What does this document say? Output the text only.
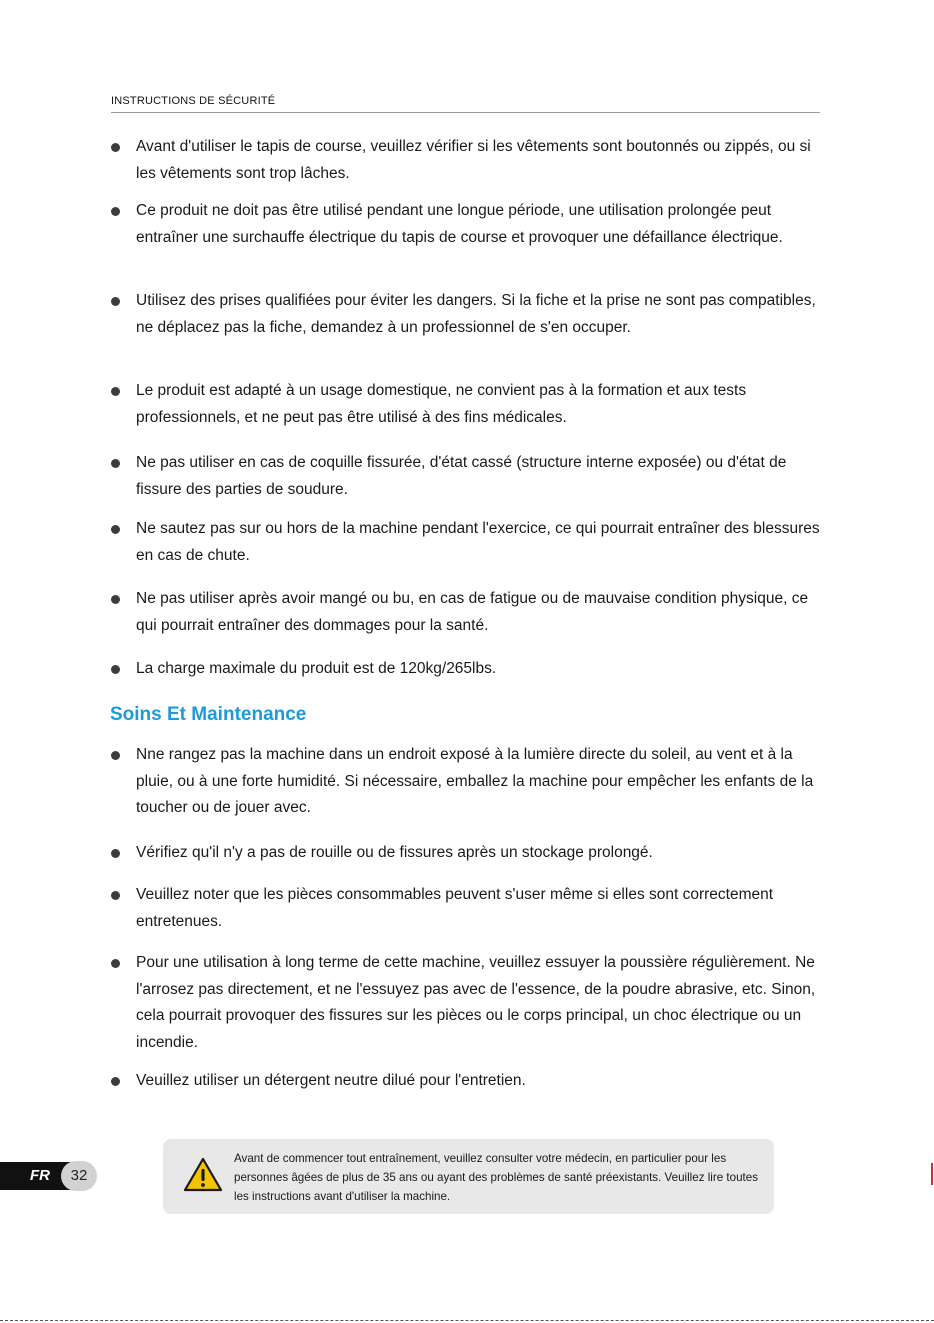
INSTRUCTIONS DE SÉCURITÉ
Avant d'utiliser le tapis de course, veuillez vérifier si les vêtements sont boutonnés ou zippés, ou si les vêtements sont trop lâches.
Ce produit ne doit pas être utilisé pendant une longue période, une utilisation prolongée peut entraîner une surchauffe électrique du tapis de course et provoquer une défaillance électrique.
Utilisez des prises qualifiées pour éviter les dangers. Si la fiche et la prise ne sont pas compatibles, ne déplacez pas la fiche, demandez à un professionnel de s'en occuper.
Le produit est adapté à un usage domestique, ne convient pas à la formation et aux tests professionnels, et ne peut pas être utilisé à des fins médicales.
Ne pas utiliser en cas de coquille fissurée, d'état cassé (structure interne exposée) ou d'état de fissure des parties de soudure.
Ne sautez pas sur ou hors de la machine pendant l'exercice, ce qui pourrait entraîner des blessures en cas de chute.
Ne pas utiliser après avoir mangé ou bu, en cas de fatigue ou de mauvaise condition physique, ce qui pourrait entraîner des dommages pour la santé.
La charge maximale du produit est de 120kg/265lbs.
Soins Et Maintenance
Nne rangez pas la machine dans un endroit exposé à la lumière directe du soleil, au vent et à la pluie, ou à une forte humidité. Si nécessaire, emballez la machine pour empêcher les enfants de la toucher ou de jouer avec.
Vérifiez qu'il n'y a pas de rouille ou de fissures après un stockage prolongé.
Veuillez noter que les pièces consommables peuvent s'user même si elles sont correctement entretenues.
Pour une utilisation à long terme de cette machine, veuillez essuyer la poussière régulièrement. Ne l'arrosez pas directement, et ne l'essuyez pas avec de l'essence, de la poudre abrasive, etc. Sinon, cela pourrait provoquer des fissures sur les pièces ou le corps principal, un choc électrique ou un incendie.
Veuillez utiliser un détergent neutre dilué pour l'entretien.
FR	32
Avant de commencer tout entraînement, veuillez consulter votre médecin, en particulier pour les personnes âgées de plus de 35 ans ou ayant des problèmes de santé préexistants. Veuillez lire toutes les instructions avant d'utiliser la machine.
